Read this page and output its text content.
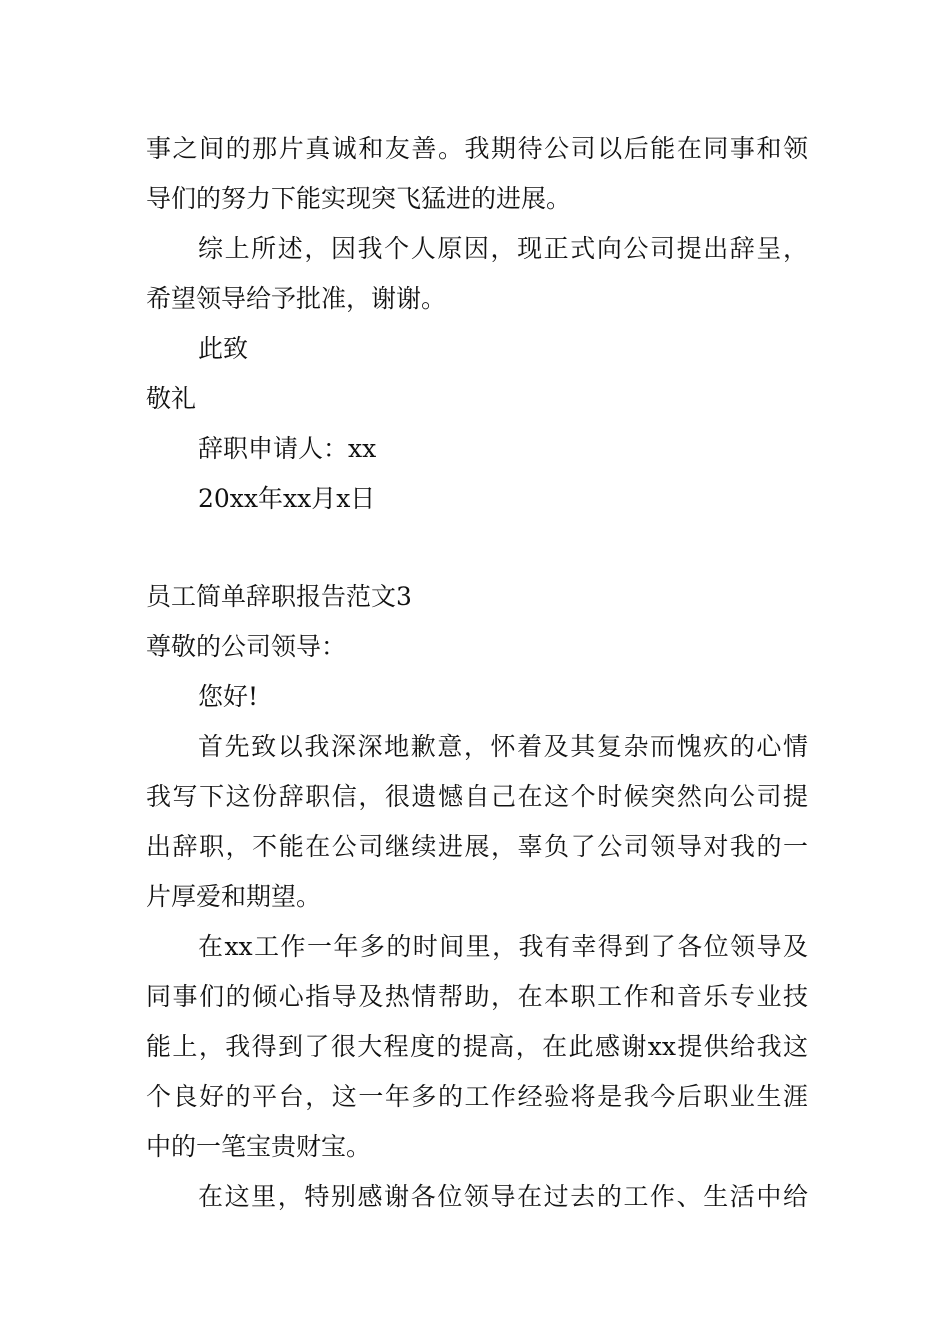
事之间的那片真诚和友善。我期待公司以后能在同事和领
导们的努力下能实现突飞猛进的进展。
综上所述，因我个人原因，现正式向公司提出辞呈，
希望领导给予批准，谢谢。
此致
敬礼
辞职申请人：xx
20xx年xx月x日
员工简单辞职报告范文3
尊敬的公司领导：
您好!
首先致以我深深地歉意，怀着及其复杂而愧疚的心情
我写下这份辞职信，很遗憾自己在这个时候突然向公司提
出辞职，不能在公司继续进展，辜负了公司领导对我的一
片厚爱和期望。
在xx工作一年多的时间里，我有幸得到了各位领导及
同事们的倾心指导及热情帮助，在本职工作和音乐专业技
能上，我得到了很大程度的提高，在此感谢xx提供给我这
个良好的平台，这一年多的工作经验将是我今后职业生涯
中的一笔宝贵财宝。
在这里，特别感谢各位领导在过去的工作、生活中给
